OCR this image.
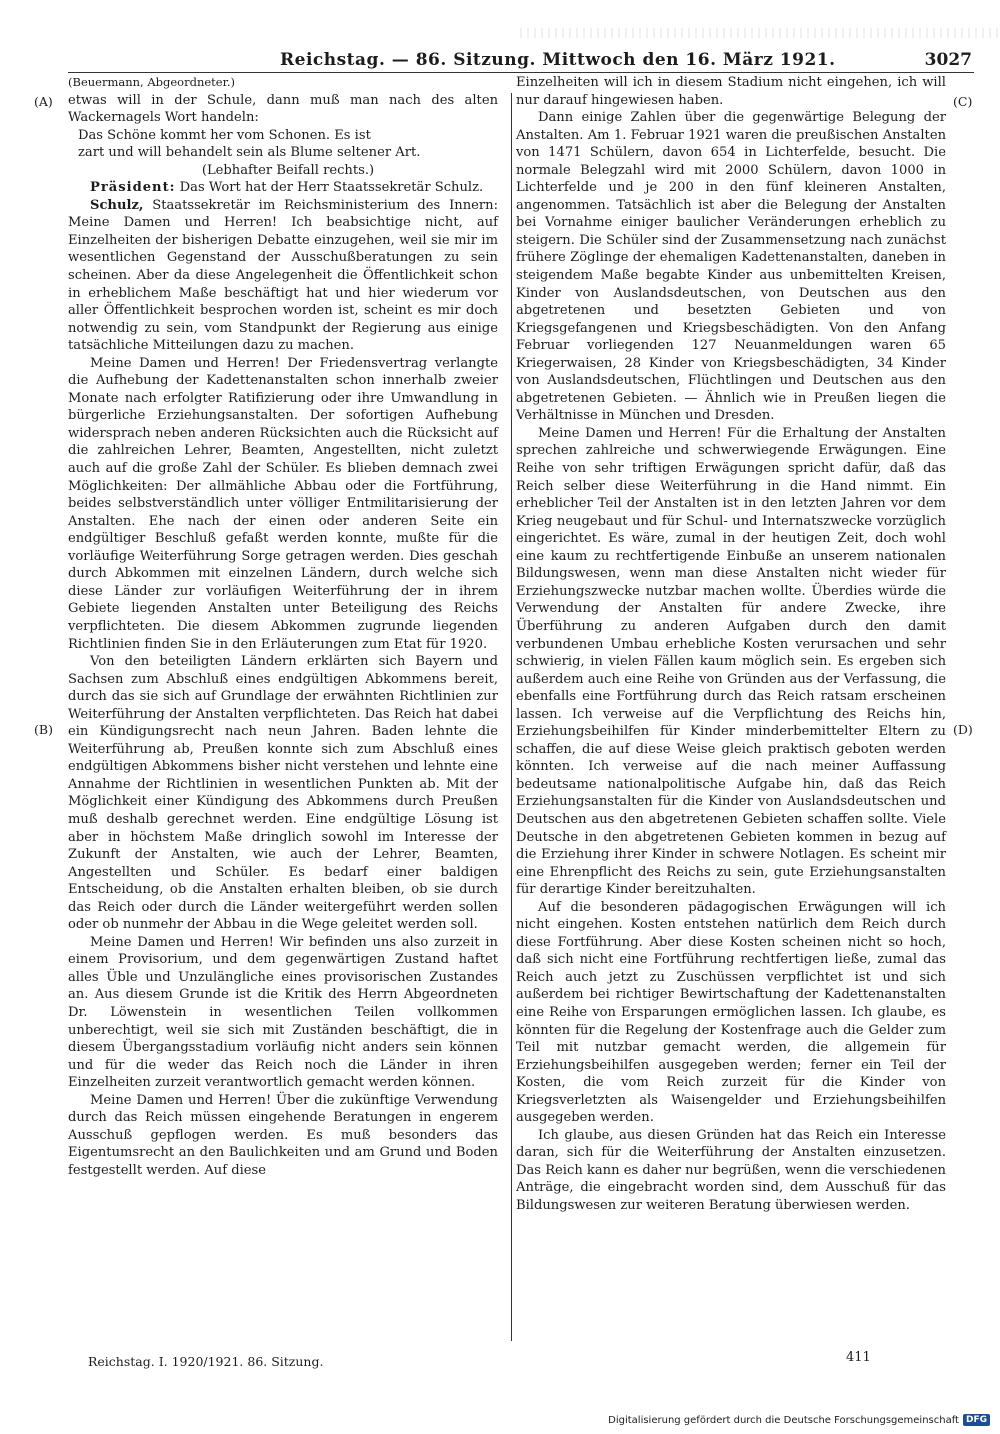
Reichstag. — 86. Sitzung. Mittwoch den 16. März 1921.	3027
(A)
(B)
(C)
(D)

(Beuermann, Abgeordneter.)

etwas will in der Schule, dann muß man nach des alten Wackernagels Wort handeln:

Das Schöne kommt her vom Schonen. Es ist
zart und will behandelt sein als Blume seltener Art.
(Lebhafter Beifall rechts.)

Präsident: Das Wort hat der Herr Staatssekretär Schulz.

Schulz, Staatssekretär im Reichsministerium des Innern: Meine Damen und Herren! Ich beabsichtige nicht, auf Einzelheiten der bisherigen Debatte einzugehen, weil sie mir im wesentlichen Gegenstand der Ausschußberatungen zu sein scheinen. Aber da diese Angelegenheit die Öffentlichkeit schon in erheblichem Maße beschäftigt hat und hier wiederum vor aller Öffentlichkeit besprochen worden ist, scheint es mir doch notwendig zu sein, vom Standpunkt der Regierung aus einige tatsächliche Mitteilungen dazu zu machen.

Meine Damen und Herren! Der Friedensvertrag verlangte die Aufhebung der Kadettenanstalten schon innerhalb zweier Monate nach erfolgter Ratifizierung oder ihre Umwandlung in bürgerliche Erziehungsanstalten. Der sofortigen Aufhebung widersprach neben anderen Rücksichten auch die Rücksicht auf die zahlreichen Lehrer, Beamten, Angestellten, nicht zuletzt auch auf die große Zahl der Schüler. Es blieben demnach zwei Möglichkeiten: Der allmähliche Abbau oder die Fortführung, beides selbstverständlich unter völliger Entmilitarisierung der Anstalten. Ehe nach der einen oder anderen Seite ein endgültiger Beschluß gefaßt werden konnte, mußte für die vorläufige Weiterführung Sorge getragen werden. Dies geschah durch Abkommen mit einzelnen Ländern, durch welche sich diese Länder zur vorläufigen Weiterführung der in ihrem Gebiete liegenden Anstalten unter Beteiligung des Reichs verpflichteten. Die diesem Abkommen zugrunde liegenden Richtlinien finden Sie in den Erläuterungen zum Etat für 1920.

Von den beteiligten Ländern erklärten sich Bayern und Sachsen zum Abschluß eines endgültigen Abkommens bereit, durch das sie sich auf Grundlage der erwähnten Richtlinien zur Weiterführung der Anstalten verpflichteten. Das Reich hat dabei ein Kündigungsrecht nach neun Jahren. Baden lehnte die Weiterführung ab, Preußen konnte sich zum Abschluß eines endgültigen Abkommens bisher nicht verstehen und lehnte eine Annahme der Richtlinien in wesentlichen Punkten ab. Mit der Möglichkeit einer Kündigung des Abkommens durch Preußen muß deshalb gerechnet werden. Eine endgültige Lösung ist aber in höchstem Maße dringlich sowohl im Interesse der Zukunft der Anstalten, wie auch der Lehrer, Beamten, Angestellten und Schüler. Es bedarf einer baldigen Entscheidung, ob die Anstalten erhalten bleiben, ob sie durch das Reich oder durch die Länder weitergeführt werden sollen oder ob nunmehr der Abbau in die Wege geleitet werden soll.

Meine Damen und Herren! Wir befinden uns also zurzeit in einem Provisorium, und dem gegenwärtigen Zustand haftet alles Üble und Unzulängliche eines provisorischen Zustandes an. Aus diesem Grunde ist die Kritik des Herrn Abgeordneten Dr. Löwenstein in wesentlichen Teilen vollkommen unberechtigt, weil sie sich mit Zuständen beschäftigt, die in diesem Übergangsstadium vorläufig nicht anders sein können und für die weder das Reich noch die Länder in ihren Einzelheiten zurzeit verantwortlich gemacht werden können.

Meine Damen und Herren! Über die zukünftige Verwendung durch das Reich müssen eingehende Beratungen in engerem Ausschuß gepflogen werden. Es muß besonders das Eigentumsrecht an den Baulichkeiten und am Grund und Boden festgestellt werden. Auf diese

Einzelheiten will ich in diesem Stadium nicht eingehen, ich will nur darauf hingewiesen haben.

Dann einige Zahlen über die gegenwärtige Belegung der Anstalten. Am 1. Februar 1921 waren die preußischen Anstalten von 1471 Schülern, davon 654 in Lichterfelde, besucht. Die normale Belegzahl wird mit 2000 Schülern, davon 1000 in Lichterfelde und je 200 in den fünf kleineren Anstalten, angenommen. Tatsächlich ist aber die Belegung der Anstalten bei Vornahme einiger baulicher Veränderungen erheblich zu steigern. Die Schüler sind der Zusammensetzung nach zunächst frühere Zöglinge der ehemaligen Kadettenanstalten, daneben in steigendem Maße begabte Kinder aus unbemittelten Kreisen, Kinder von Auslandsdeutschen, von Deutschen aus den abgetretenen und besetzten Gebieten und von Kriegsgefangenen und Kriegsbeschädigten. Von den Anfang Februar vorliegenden 127 Neuanmeldungen waren 65 Kriegerwaisen, 28 Kinder von Kriegsbeschädigten, 34 Kinder von Auslandsdeutschen, Flüchtlingen und Deutschen aus den abgetretenen Gebieten. — Ähnlich wie in Preußen liegen die Verhältnisse in München und Dresden.

Meine Damen und Herren! Für die Erhaltung der Anstalten sprechen zahlreiche und schwerwiegende Erwägungen. Eine Reihe von sehr triftigen Erwägungen spricht dafür, daß das Reich selber diese Weiterführung in die Hand nimmt. Ein erheblicher Teil der Anstalten ist in den letzten Jahren vor dem Krieg neugebaut und für Schul- und Internatszwecke vorzüglich eingerichtet. Es wäre, zumal in der heutigen Zeit, doch wohl eine kaum zu rechtfertigende Einbuße an unserem nationalen Bildungswesen, wenn man diese Anstalten nicht wieder für Erziehungszwecke nutzbar machen wollte. Überdies würde die Verwendung der Anstalten für andere Zwecke, ihre Überführung zu anderen Aufgaben durch den damit verbundenen Umbau erhebliche Kosten verursachen und sehr schwierig, in vielen Fällen kaum möglich sein. Es ergeben sich außerdem auch eine Reihe von Gründen aus der Verfassung, die ebenfalls eine Fortführung durch das Reich ratsam erscheinen lassen. Ich verweise auf die Verpflichtung des Reichs hin, Erziehungsbeihilfen für Kinder minderbemittelter Eltern zu schaffen, die auf diese Weise gleich praktisch geboten werden könnten. Ich verweise auf die nach meiner Auffassung bedeutsame nationalpolitische Aufgabe hin, daß das Reich Erziehungsanstalten für die Kinder von Auslandsdeutschen und Deutschen aus den abgetretenen Gebieten schaffen sollte. Viele Deutsche in den abgetretenen Gebieten kommen in bezug auf die Erziehung ihrer Kinder in schwere Notlagen. Es scheint mir eine Ehrenpflicht des Reichs zu sein, gute Erziehungsanstalten für derartige Kinder bereitzuhalten.

Auf die besonderen pädagogischen Erwägungen will ich nicht eingehen. Kosten entstehen natürlich dem Reich durch diese Fortführung. Aber diese Kosten scheinen nicht so hoch, daß sich nicht eine Fortführung rechtfertigen ließe, zumal das Reich auch jetzt zu Zuschüssen verpflichtet ist und sich außerdem bei richtiger Bewirtschaftung der Kadettenanstalten eine Reihe von Ersparungen ermöglichen lassen. Ich glaube, es könnten für die Regelung der Kostenfrage auch die Gelder zum Teil mit nutzbar gemacht werden, die allgemein für Erziehungsbeihilfen ausgegeben werden; ferner ein Teil der Kosten, die vom Reich zurzeit für die Kinder von Kriegsverletzten als Waisengelder und Erziehungsbeihilfen ausgegeben werden.

Ich glaube, aus diesen Gründen hat das Reich ein Interesse daran, sich für die Weiterführung der Anstalten einzusetzen. Das Reich kann es daher nur begrüßen, wenn die verschiedenen Anträge, die eingebracht worden sind, dem Ausschuß für das Bildungswesen zur weiteren Beratung überwiesen werden.

Reichstag. I. 1920/1921. 86. Sitzung.	411
Digitalisierung gefördert durch die Deutsche Forschungsgemeinschaft DFG
